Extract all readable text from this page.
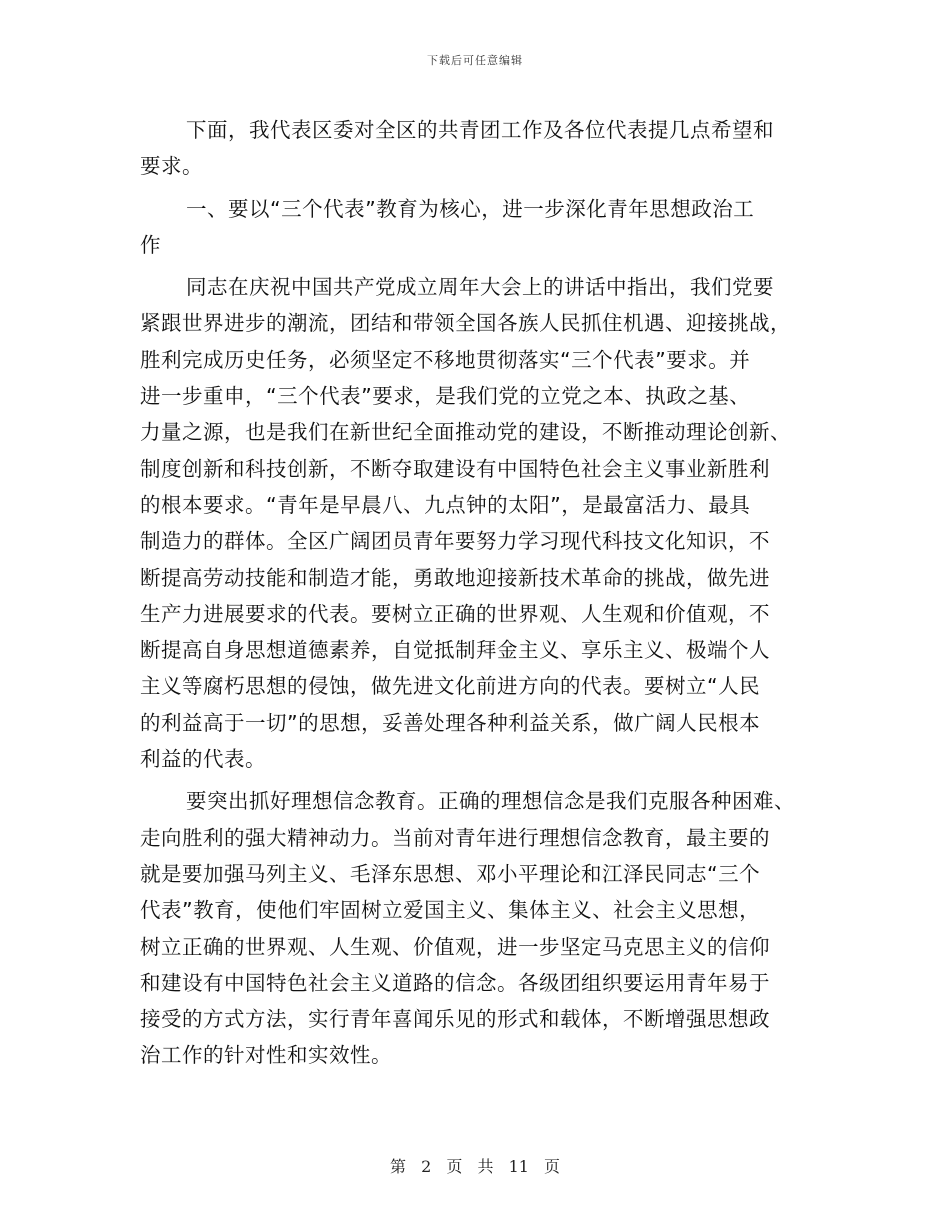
下载后可任意编辑
下面，我代表区委对全区的共青团工作及各位代表提几点希望和
要求。
一、要以“三个代表”教育为核心，进一步深化青年思想政治工
作
同志在庆祝中国共产党成立周年大会上的讲话中指出，我们党要
紧跟世界进步的潮流，团结和带领全国各族人民抓住机遇、迎接挑战，
胜利完成历史任务，必须坚定不移地贯彻落实“三个代表”要求。并
进一步重申，“三个代表”要求，是我们党的立党之本、执政之基、
力量之源，也是我们在新世纪全面推动党的建设，不断推动理论创新、
制度创新和科技创新，不断夺取建设有中国特色社会主义事业新胜利
的根本要求。“青年是早晨八、九点钟的太阳”，是最富活力、最具
制造力的群体。全区广阔团员青年要努力学习现代科技文化知识，不
断提高劳动技能和制造才能，勇敢地迎接新技术革命的挑战，做先进
生产力进展要求的代表。要树立正确的世界观、人生观和价值观，不
断提高自身思想道德素养，自觉抵制拜金主义、享乐主义、极端个人
主义等腐朽思想的侵蚀，做先进文化前进方向的代表。要树立“人民
的利益高于一切”的思想，妥善处理各种利益关系，做广阔人民根本
利益的代表。
要突出抓好理想信念教育。正确的理想信念是我们克服各种困难、
走向胜利的强大精神动力。当前对青年进行理想信念教育，最主要的
就是要加强马列主义、毛泽东思想、邓小平理论和江泽民同志“三个
代表”教育，使他们牢固树立爱国主义、集体主义、社会主义思想，
树立正确的世界观、人生观、价值观，进一步坚定马克思主义的信仰
和建设有中国特色社会主义道路的信念。各级团组织要运用青年易于
接受的方式方法，实行青年喜闻乐见的形式和载体，不断增强思想政
治工作的针对性和实效性。
第 2 页 共 11 页
